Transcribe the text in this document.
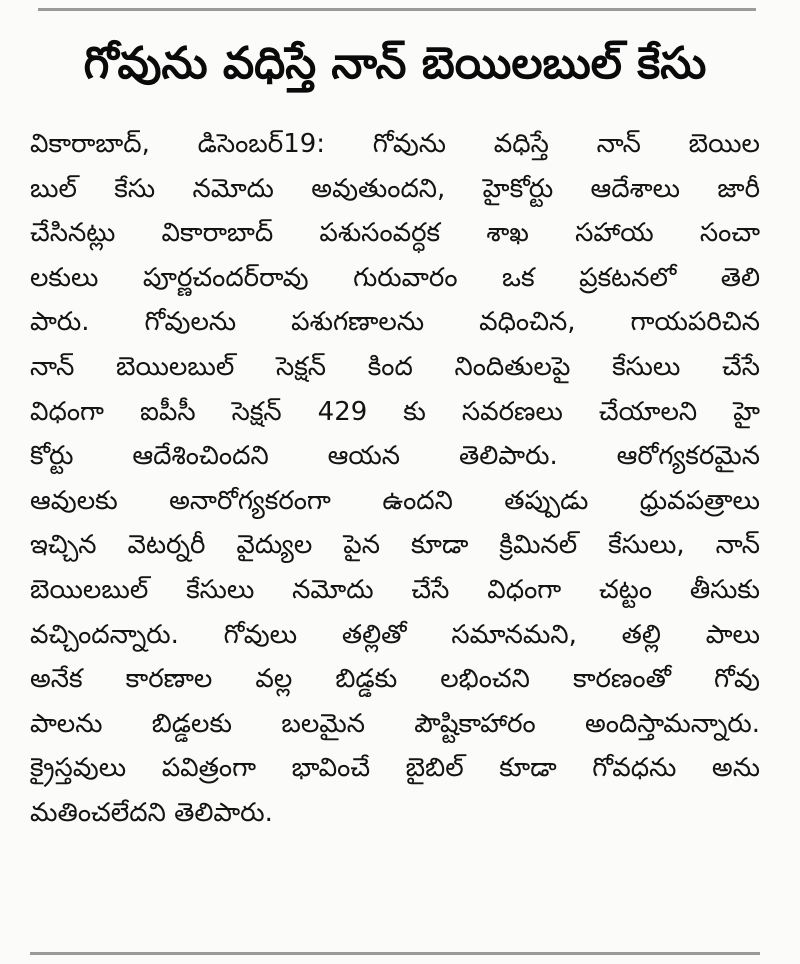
గోవును వధిస్తే నాన్ బెయిలబుల్ కేసు
వికారాబాద్, డిసెంబర్19: గోవును వధిస్తే నాన్ బెయిల
బుల్ కేసు నమోదు అవుతుందని, హైకోర్టు ఆదేశాలు జారీ
చేసినట్లు వికారాబాద్ పశుసంవర్ధక శాఖ సహాయ సంచా
లకులు పూర్ణచందర్‌రావు గురువారం ఒక ప్రకటనలో తెలి
పారు. గోవులను పశుగణాలను వధించిన, గాయపరిచిన
నాన్ బెయిలబుల్ సెక్షన్ కింద నిందితులపై కేసులు చేసే
విధంగా ఐపీసీ సెక్షన్ 429 కు సవరణలు చేయాలని హై
కోర్టు ఆదేశించిందని ఆయన తెలిపారు. ఆరోగ్యకరమైన
ఆవులకు అనారోగ్యకరంగా ఉందని తప్పుడు ధ్రువపత్రాలు
ఇచ్చిన వెటర్నరీ వైద్యుల పైన కూడా క్రిమినల్ కేసులు, నాన్
బెయిలబుల్ కేసులు నమోదు చేసే విధంగా చట్టం తీసుకు
వచ్చిందన్నారు. గోవులు తల్లితో సమానమని, తల్లి పాలు
అనేక కారణాల వల్ల బిడ్డకు లభించని కారణంతో గోవు
పాలను బిడ్డలకు బలమైన పౌష్టికాహారం అందిస్తామన్నారు.
క్రైస్తవులు పవిత్రంగా భావించే బైబిల్ కూడా గోవధను అను
మతించలేదని తెలిపారు.
